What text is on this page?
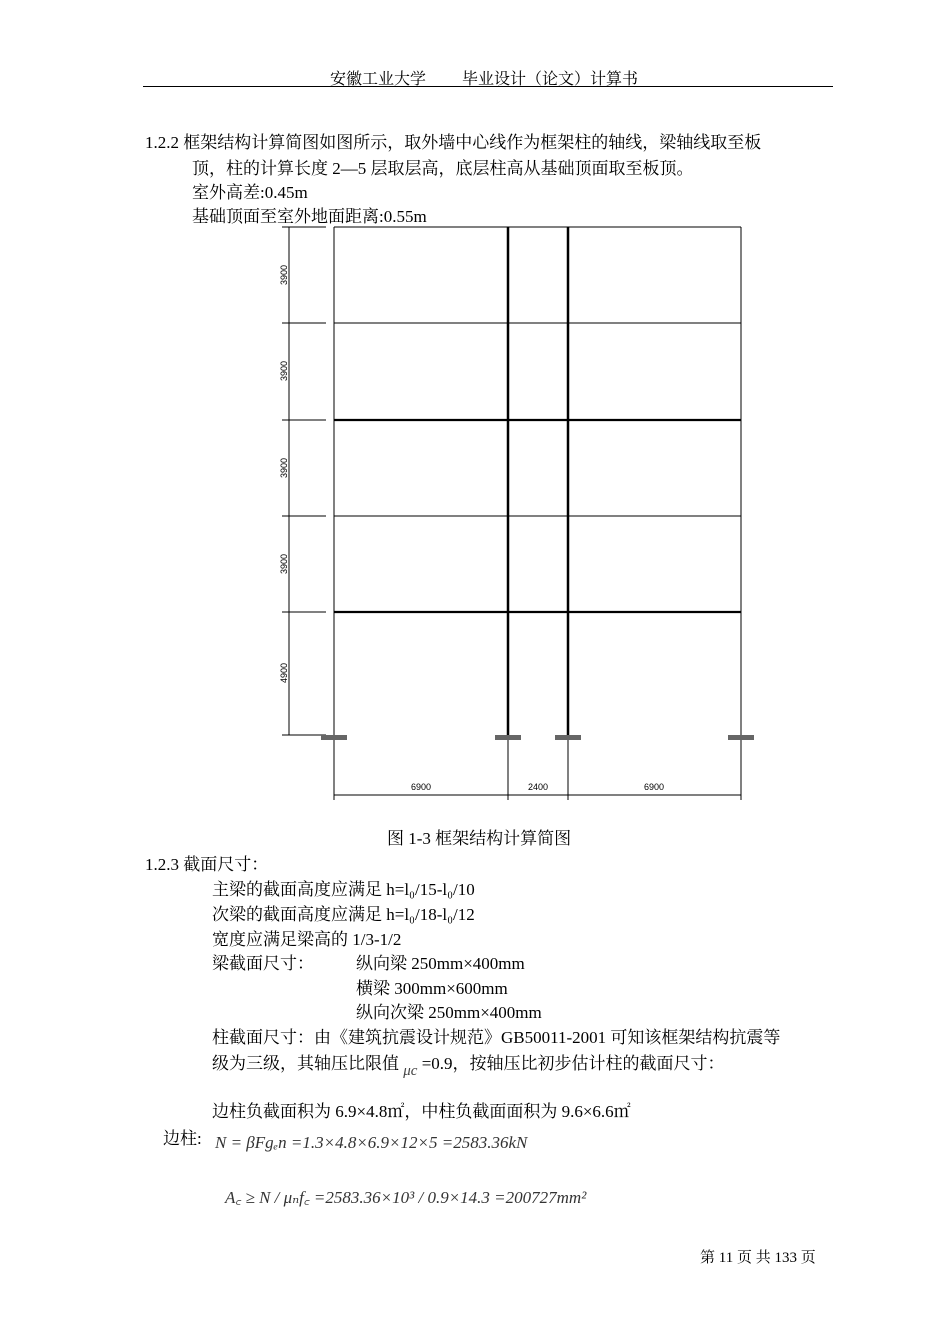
安徽工业大学 毕业设计（论文）计算书
1.2.2 框架结构计算简图如图所示，取外墙中心线作为框架柱的轴线，梁轴线取至板
顶，柱的计算长度 2—5 层取层高，底层柱高从基础顶面取至板顶。
室外高差:0.45m
基础顶面至室外地面距离:0.55m
3900
3900
3900
3900
4900
6900	2400	6900
图 1-3 框架结构计算简图
1.2.3 截面尺寸：
主梁的截面高度应满足 h=l₀/15-l₀/10
次梁的截面高度应满足 h=l₀/18-l₀/12
宽度应满足梁高的 1/3-1/2
梁截面尺寸： 纵向梁 250mm×400mm
横梁 300mm×600mm
纵向次梁 250mm×400mm
柱截面尺寸：由《建筑抗震设计规范》GB50011-2001 可知该框架结构抗震等
级为三级，其轴压比限值 μc =0.9，按轴压比初步估计柱的截面尺寸：
边柱负截面积为 6.9×4.8㎡，中柱负截面面积为 9.6×6.6㎡
边柱: N = βFgₑn =1.3×4.8×6.9×12×5 =2583.36kN
A꜀ ≥ N / μₙf꜀ =2583.36×10³ / 0.9×14.3 =200727mm²
第 11 页 共 133 页
